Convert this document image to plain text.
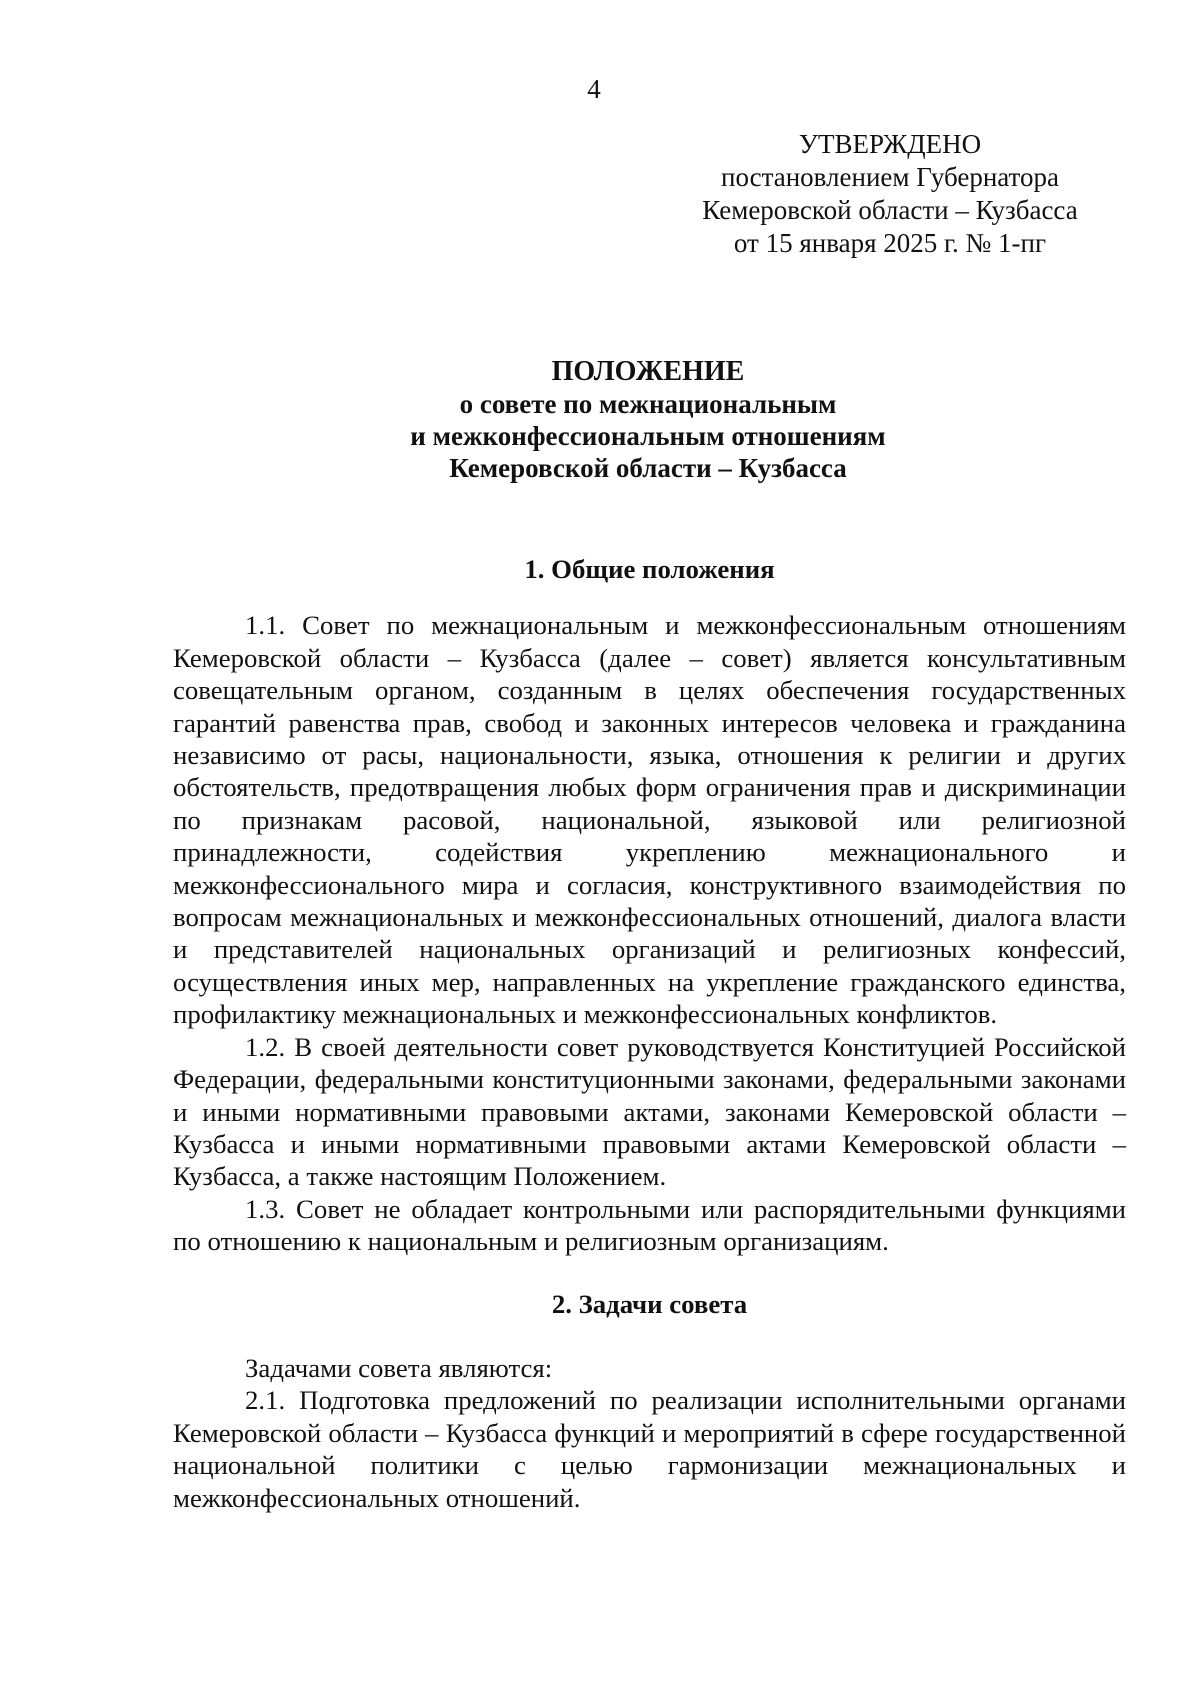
4
УТВЕРЖДЕНО
постановлением Губернатора
Кемеровской области – Кузбасса
от 15 января 2025 г. № 1-пг
ПОЛОЖЕНИЕ
о совете по межнациональным
и межконфессиональным отношениям
Кемеровской области – Кузбасса
1. Общие положения

1.1. Совет по межнациональным и межконфессиональным отношениям Кемеровской области – Кузбасса (далее – совет) является консультативным совещательным органом, созданным в целях обеспечения государственных гарантий равенства прав, свобод и законных интересов человека и гражданина независимо от расы, национальности, языка, отношения к религии и других обстоятельств, предотвращения любых форм ограничения прав и дискриминации по признакам расовой, национальной, языковой или религиозной принадлежности, содействия укреплению межнационального и межконфессионального мира и согласия, конструктивного взаимодействия по вопросам межнациональных и межконфессиональных отношений, диалога власти и представителей национальных организаций и религиозных конфессий, осуществления иных мер, направленных на укрепление гражданского единства, профилактику межнациональных и межконфессиональных конфликтов.

1.2. В своей деятельности совет руководствуется Конституцией Российской Федерации, федеральными конституционными законами, федеральными законами и иными нормативными правовыми актами, законами Кемеровской области – Кузбасса и иными нормативными правовыми актами Кемеровской области – Кузбасса, а также настоящим Положением.

1.3. Совет не обладает контрольными или распорядительными функциями по отношению к национальным и религиозным организациям.

2. Задачи совета

Задачами совета являются:

2.1. Подготовка предложений по реализации исполнительными органами Кемеровской области – Кузбасса функций и мероприятий в сфере государственной национальной политики с целью гармонизации межнациональных и межконфессиональных отношений.
